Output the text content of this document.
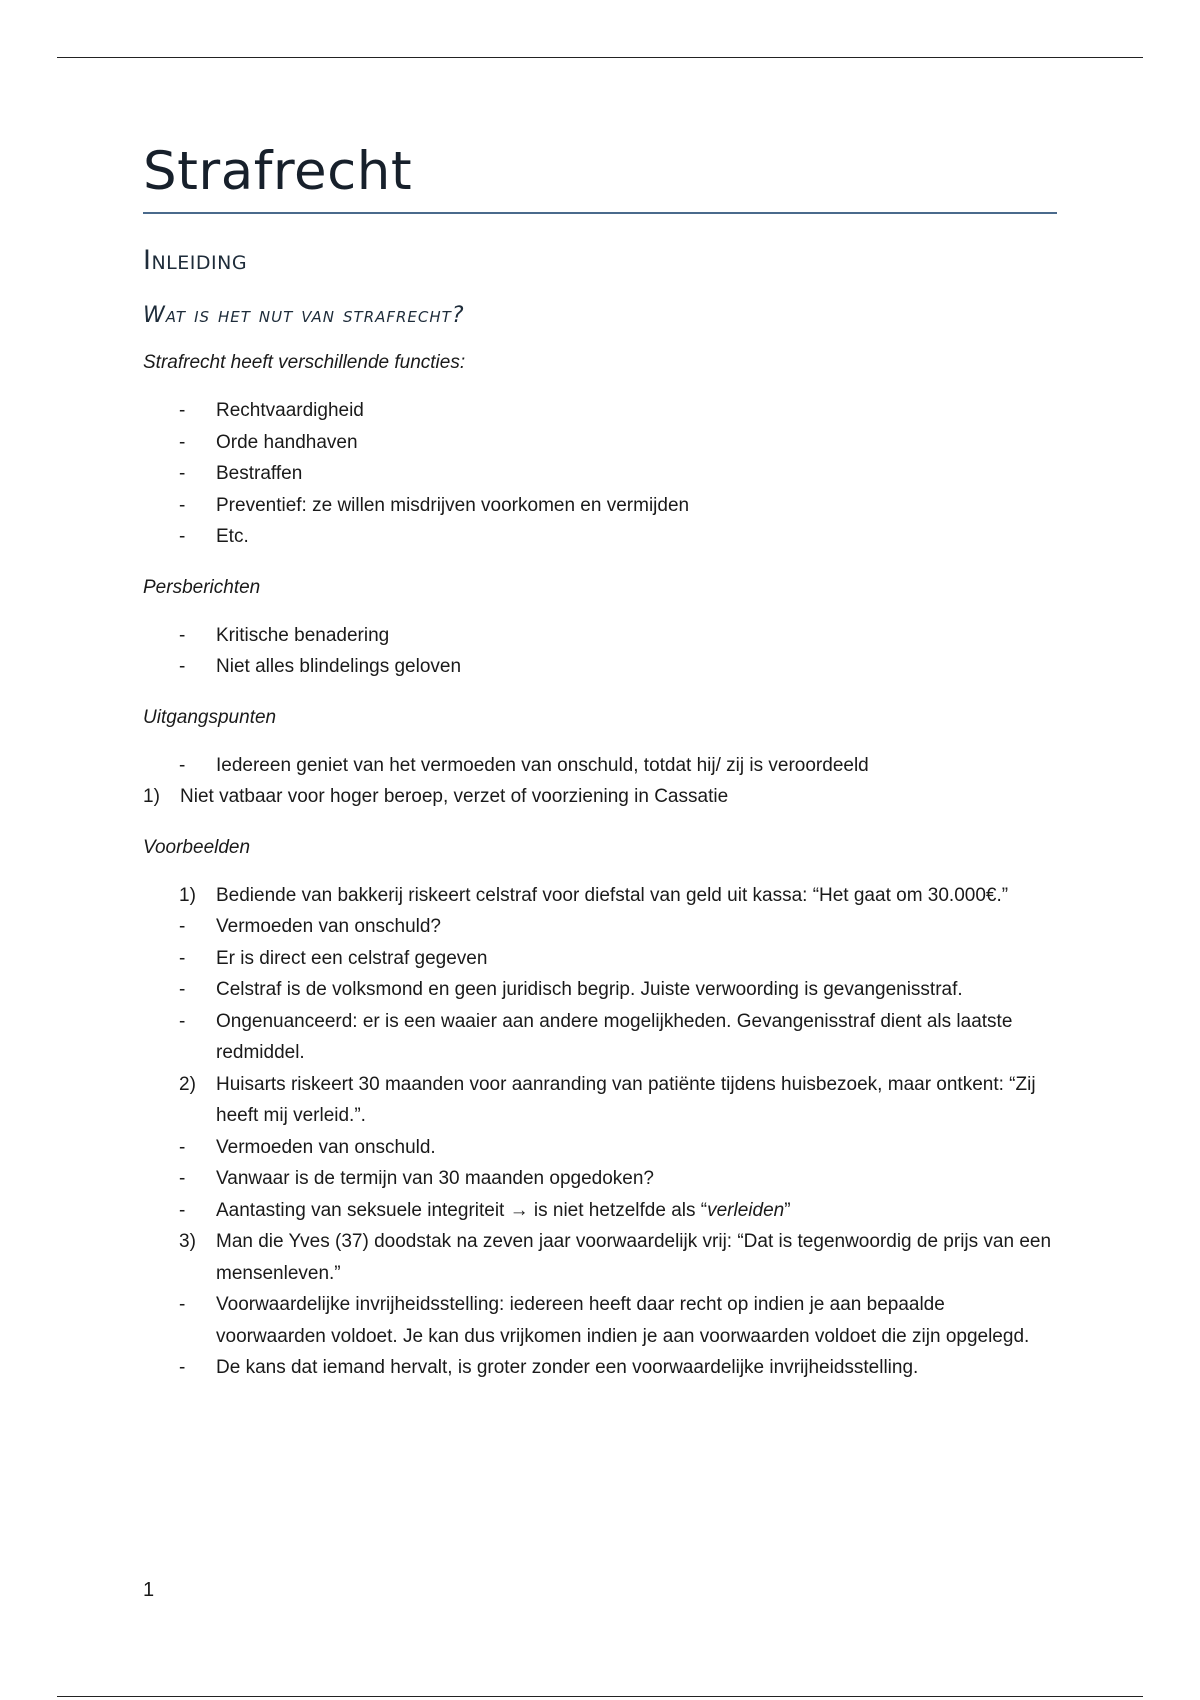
Strafrecht
Inleiding
Wat is het nut van strafrecht?

Strafrecht heeft verschillende functies:

- Rechtvaardigheid
- Orde handhaven
- Bestraffen
- Preventief: ze willen misdrijven voorkomen en vermijden
- Etc.

Persberichten

- Kritische benadering
- Niet alles blindelings geloven

Uitgangspunten

- Iedereen geniet van het vermoeden van onschuld, totdat hij/ zij is veroordeeld
1) Niet vatbaar voor hoger beroep, verzet of voorziening in Cassatie

Voorbeelden

1) Bediende van bakkerij riskeert celstraf voor diefstal van geld uit kassa: “Het gaat om 30.000€.”
- Vermoeden van onschuld?
- Er is direct een celstraf gegeven
- Celstraf is de volksmond en geen juridisch begrip. Juiste verwoording is gevangenisstraf.
- Ongenuanceerd: er is een waaier aan andere mogelijkheden. Gevangenisstraf dient als laatste redmiddel.
2) Huisarts riskeert 30 maanden voor aanranding van patiënte tijdens huisbezoek, maar ontkent: “Zij heeft mij verleid.”.
- Vermoeden van onschuld.
- Vanwaar is de termijn van 30 maanden opgedoken?
- Aantasting van seksuele integriteit → is niet hetzelfde als “verleiden”
3) Man die Yves (37) doodstak na zeven jaar voorwaardelijk vrij: “Dat is tegenwoordig de prijs van een mensenleven.”
- Voorwaardelijke invrijheidsstelling: iedereen heeft daar recht op indien je aan bepaalde voorwaarden voldoet. Je kan dus vrijkomen indien je aan voorwaarden voldoet die zijn opgelegd.
- De kans dat iemand hervalt, is groter zonder een voorwaardelijke invrijheidsstelling.
1
